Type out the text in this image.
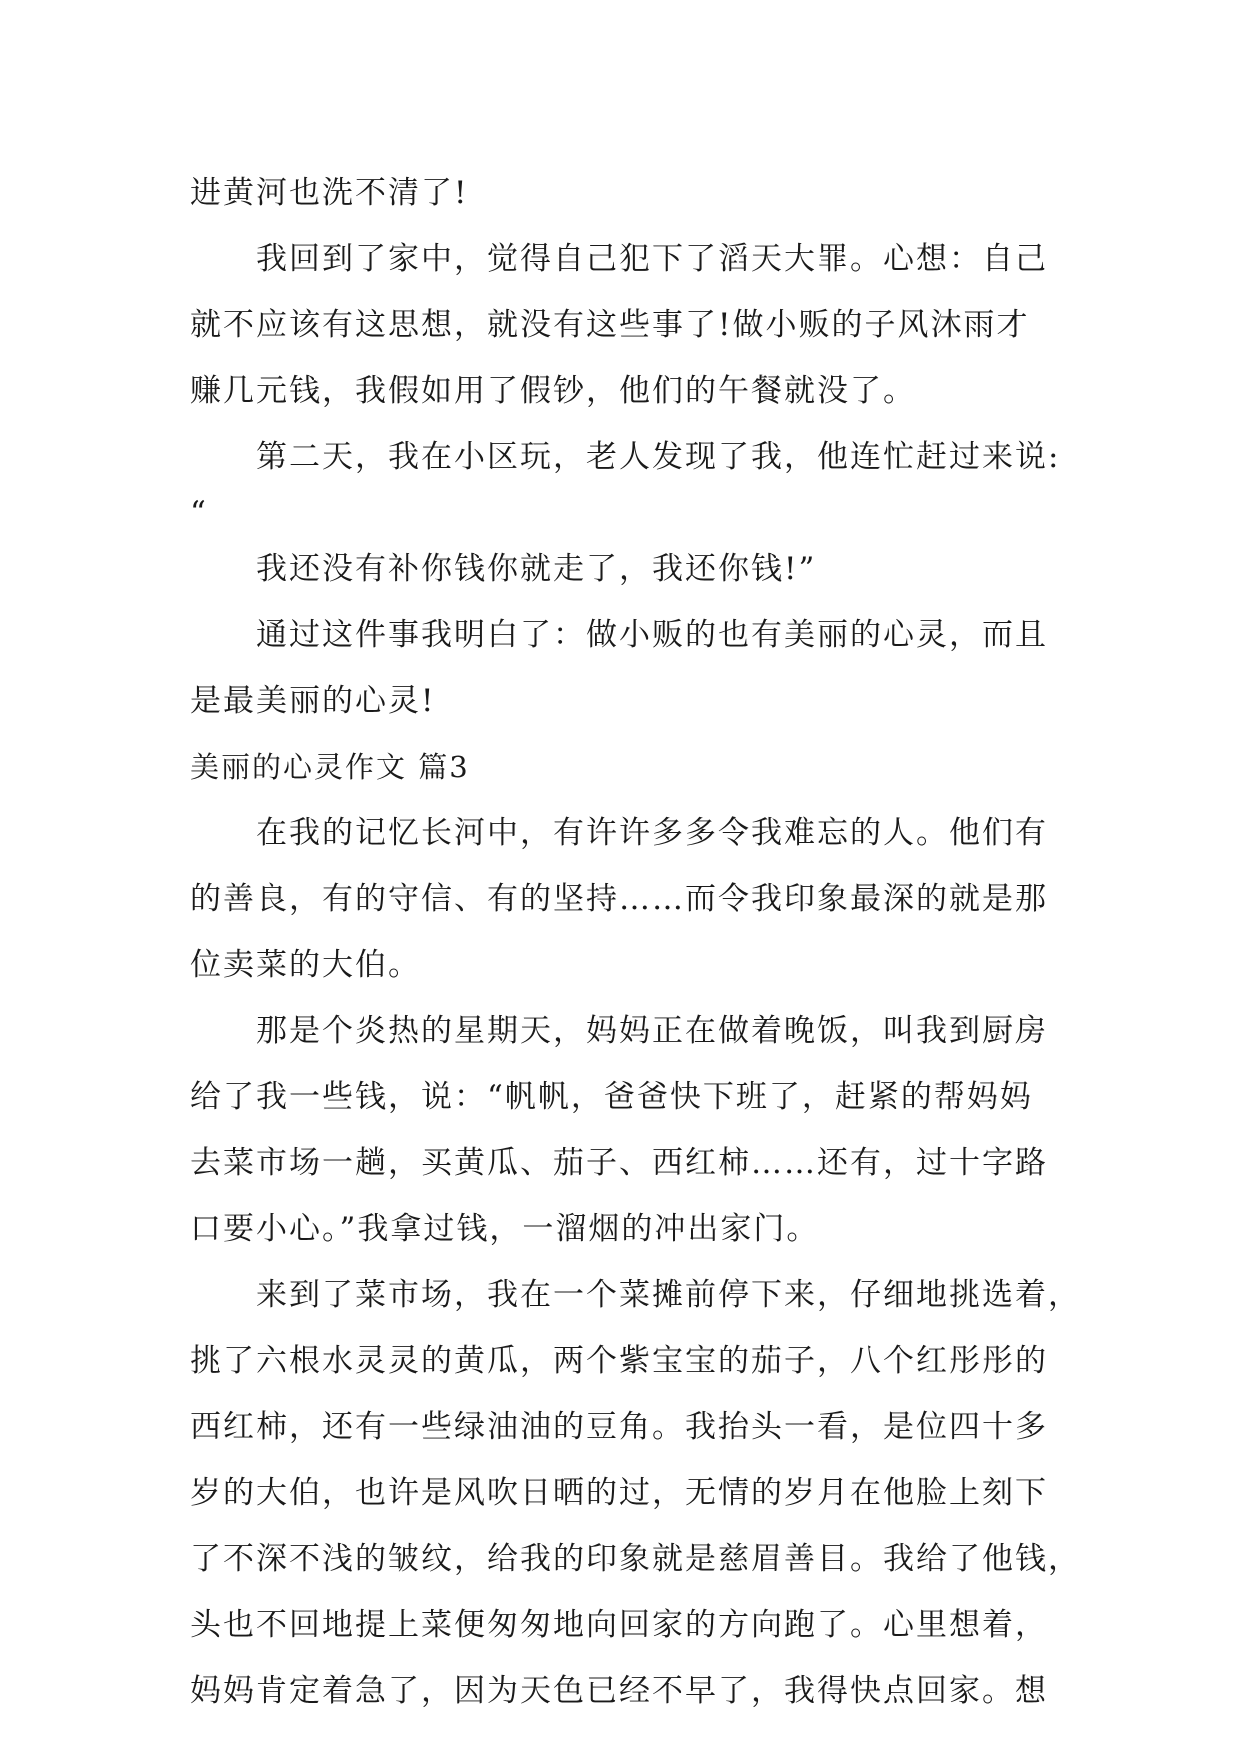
进黄河也洗不清了!
我回到了家中，觉得自己犯下了滔天大罪。心想：自己
就不应该有这思想，就没有这些事了!做小贩的子风沐雨才
赚几元钱，我假如用了假钞，他们的午餐就没了。
第二天，我在小区玩，老人发现了我，他连忙赶过来说:
“
我还没有补你钱你就走了，我还你钱!”
通过这件事我明白了：做小贩的也有美丽的心灵，而且
是最美丽的心灵!
美丽的心灵作文 篇3
在我的记忆长河中，有许许多多令我难忘的人。他们有
的善良，有的守信、有的坚持……而令我印象最深的就是那
位卖菜的大伯。
那是个炎热的星期天，妈妈正在做着晚饭，叫我到厨房
给了我一些钱，说：“帆帆，爸爸快下班了，赶紧的帮妈妈
去菜市场一趟，买黄瓜、茄子、西红柿……还有，过十字路
口要小心。”我拿过钱，一溜烟的冲出家门。
来到了菜市场，我在一个菜摊前停下来，仔细地挑选着，
挑了六根水灵灵的黄瓜，两个紫宝宝的茄子，八个红彤彤的
西红柿，还有一些绿油油的豆角。我抬头一看，是位四十多
岁的大伯，也许是风吹日晒的过，无情的岁月在他脸上刻下
了不深不浅的皱纹，给我的印象就是慈眉善目。我给了他钱，
头也不回地提上菜便匆匆地向回家的方向跑了。心里想着，
妈妈肯定着急了，因为天色已经不早了，我得快点回家。想
